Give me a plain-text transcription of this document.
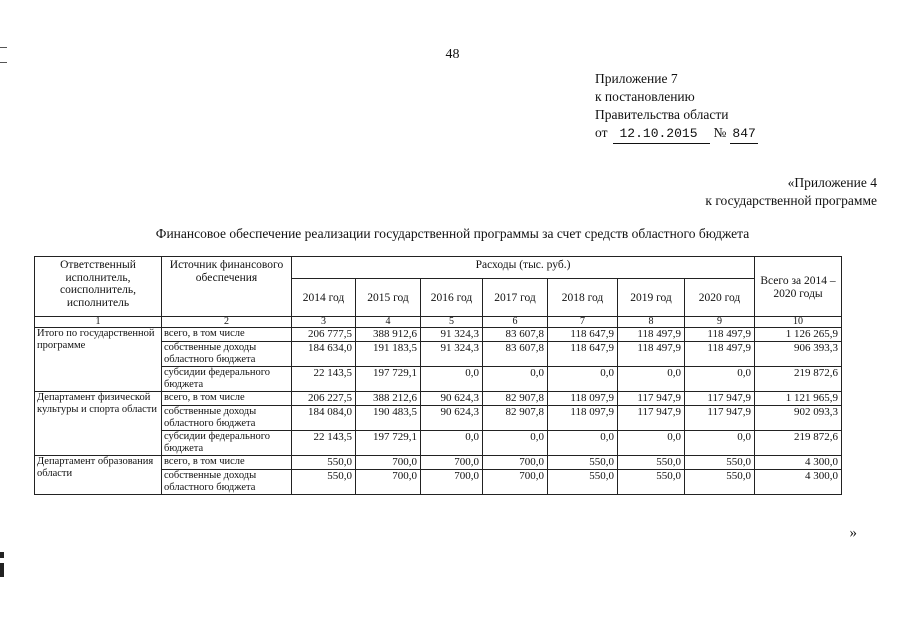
48
Приложение 7
к постановлению
Правительства области
от 12.10.2015	№ 847
«Приложение 4
к государственной программе
Финансовое обеспечение реализации государственной программы за счет средств областного бюджета
Ответственный исполнитель, соисполнитель, исполнитель	Источник финансового обеспечения	Расходы (тыс. руб.)							Всего за 2014 – 2020 годы
		2014 год	2015 год	2016 год	2017 год	2018 год	2019 год	2020 год	
1	2	3	4	5	6	7	8	9	10
Итого по государственной программе	всего, в том числе	206 777,5	388 912,6	91 324,3	83 607,8	118 647,9	118 497,9	118 497,9	1 126 265,9
	собственные доходы областного бюджета	184 634,0	191 183,5	91 324,3	83 607,8	118 647,9	118 497,9	118 497,9	906 393,3
	субсидии федерального бюджета	22 143,5	197 729,1	0,0	0,0	0,0	0,0	0,0	219 872,6
Департамент физической культуры и спорта области	всего, в том числе	206 227,5	388 212,6	90 624,3	82 907,8	118 097,9	117 947,9	117 947,9	1 121 965,9
	собственные доходы областного бюджета	184 084,0	190 483,5	90 624,3	82 907,8	118 097,9	117 947,9	117 947,9	902 093,3
	субсидии федерального бюджета	22 143,5	197 729,1	0,0	0,0	0,0	0,0	0,0	219 872,6
Департамент образования области	всего, в том числе	550,0	700,0	700,0	700,0	550,0	550,0	550,0	4 300,0
	собственные доходы областного бюджета	550,0	700,0	700,0	700,0	550,0	550,0	550,0	4 300,0
»
